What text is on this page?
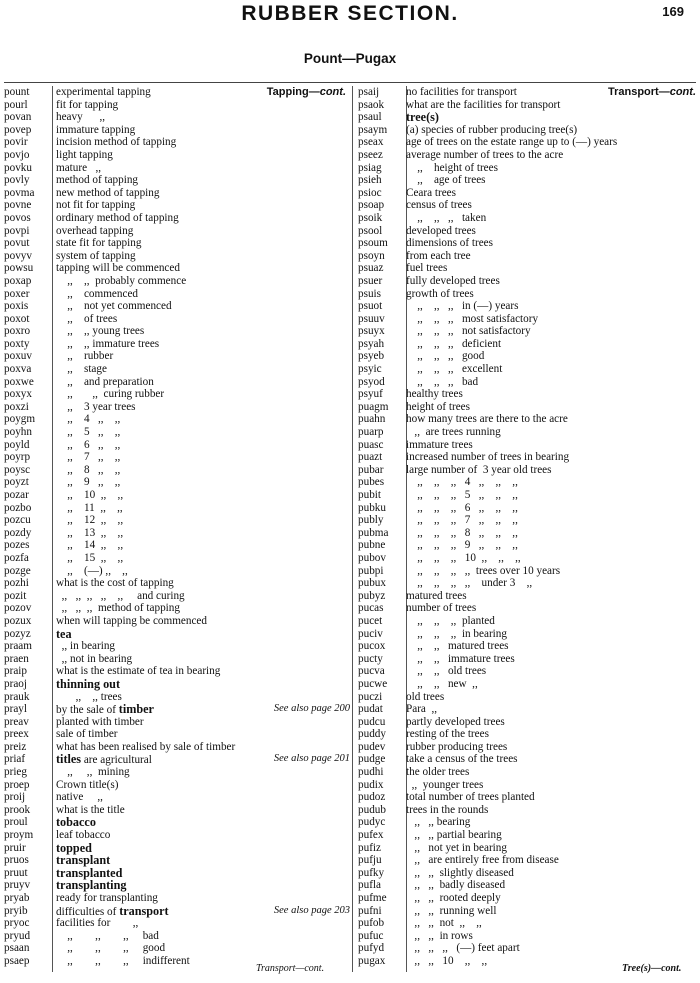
RUBBER SECTION.	169
Pount—Pugax
Tapping—cont.
pount experimental tapping
pourl	fit for tapping
povan heavy      ,,
povep immature tapping
povir	incision method of tapping
povjo light tapping
povku mature   ,,
povly method of tapping
povma new method of tapping
povne not fit for tapping
povos ordinary method of tapping
povpi overhead tapping
povut state fit for tapping
povyv system of tapping
powsu tapping will be commenced
poxap ,,    ,,  probably commence
poxer ,,    commenced
poxis ,,    not yet commenced
poxot ,,    of trees
poxro ,,    ,, young trees
poxty ,,    ,, immature trees
poxuv ,,    rubber
poxva ,,    stage
poxwe ,,    and preparation
poxyx ,,       ,,  curing rubber
poxzi ,,    3 year trees
poygm ,,    4   ,,    ,,
poyhn ,,    5   ,,    ,,
poyld ,,    6   ,,    ,,
poyrp ,,    7   ,,    ,,
poysc ,,    8   ,,    ,,
poyzt ,,    9   ,,    ,,
pozar ,,    10  ,,    ,,
pozbo ,,    11  ,,    ,,
pozcu ,,    12  ,,    ,,
pozdy ,,    13  ,,    ,,
pozes ,,    14  ,,    ,,
pozfa ,,    15  ,,    ,,
pozge ,,    (—) ,,    ,,
pozhi what is the cost of tapping
pozit	,,   ,,  ,,   ,,    ,,     and curing
pozov ,,   ,,  ,,  method of tapping
pozux when will tapping be commenced
pozyz tea
praam ,, in bearing
praen ,, not in bearing
praip	what is the estimate of tea in bearing
praoj thinning out
prauk ,,    ,, trees
prayl	by the sale of timber	See also page 200
preav planted with timber
preex sale of timber
preiz	what has been realised by sale of timber
priaf	titles are agricultural	See also page 201
prieg	,,     ,,  mining
proep Crown title(s)
proij	native     ,,
prook what is the title
proul tobacco
proym leaf tobacco
pruir topped
pruos transplant
pruut transplanted
pruyv transplanting
pryab ready for transplanting
pryib	difficulties of transport	See also page 203
pryoc facilities for        ,,
pryud ,,        ,,        ,,     bad
psaan ,,        ,,        ,,     good
psaep ,,        ,,        ,,     indifferent
Transport—cont.
psaij no facilities for transport
psaok what are the facilities for transport
psaul tree(s)
psaym (a) species of rubber producing tree(s)
pseax age of trees on the estate range up to (—) years
pseez average number of trees to the acre
psiag ,,    height of trees
psieh ,,    age of trees
psioc Ceara trees
psoap census of trees
psoik ,,    ,,   ,,   taken
psool developed trees
psoum dimensions of trees
psoyn from each tree
psuaz fuel trees
psuer fully developed trees
psuis growth of trees
psuot ,,    ,,   ,,   in (—) years
psuuv ,,    ,,   ,,   most satisfactory
psuyx ,,    ,,   ,,   not satisfactory
psyah ,,    ,,   ,,   deficient
psyeb ,,    ,,   ,,   good
psyic ,,    ,,   ,,   excellent
psyod ,,    ,,   ,,   bad
psyuf healthy trees
puagm height of trees
puahn how many trees are there to the acre
puarp ,,  are trees running
puasc immature trees
puazt increased number of trees in bearing
pubar large number of  3 year old trees
pubes ,,    ,,    ,,   4   ,,    ,,    ,,
pubit ,,    ,,    ,,   5   ,,    ,,    ,,
pubku ,,    ,,    ,,   6   ,,    ,,    ,,
publy ,,    ,,    ,,   7   ,,    ,,    ,,
pubma ,,    ,,    ,,   8   ,,    ,,    ,,
pubne ,,    ,,    ,,   9   ,,    ,,    ,,
pubov ,,    ,,    ,,   10  ,,    ,,    ,,
pubpi ,,    ,,    ,,   ,,  trees over 10 years
pubux ,,    ,,    ,,   ,,    under 3    ,,
pubyz matured trees
pucas number of trees
pucet ,,    ,,    ,,  planted
puciv ,,    ,,    ,,  in bearing
pucox ,,    ,,   matured trees
pucty ,,    ,,   immature trees
pucva ,,    ,,   old trees
pucwe ,,    ,,   new  ,,
puczi old trees
pudat Para  ,,
pudcu partly developed trees
puddy resting of the trees
pudev rubber producing trees
pudge take a census of the trees
pudhi the older trees
pudix ,,  younger trees
pudoz total number of trees planted
pudub trees in the rounds
pudyc ,,   ,, bearing
pufex ,,   ,, partial bearing
pufiz ,,   not yet in bearing
pufju ,,   are entirely free from disease
pufky ,,   ,,  slightly diseased
pufla ,,   ,,  badly diseased
pufme ,,   ,,  rooted deeply
pufni ,,   ,,  running well
pufob ,,   ,,  not  ,,    ,,
pufuc ,,   ,,  in rows
pufyd ,,   ,,   ,,   (—) feet apart
pugax ,,   ,,   10    ,,    ,,
Transport—cont.	Tree(s)—cont.
